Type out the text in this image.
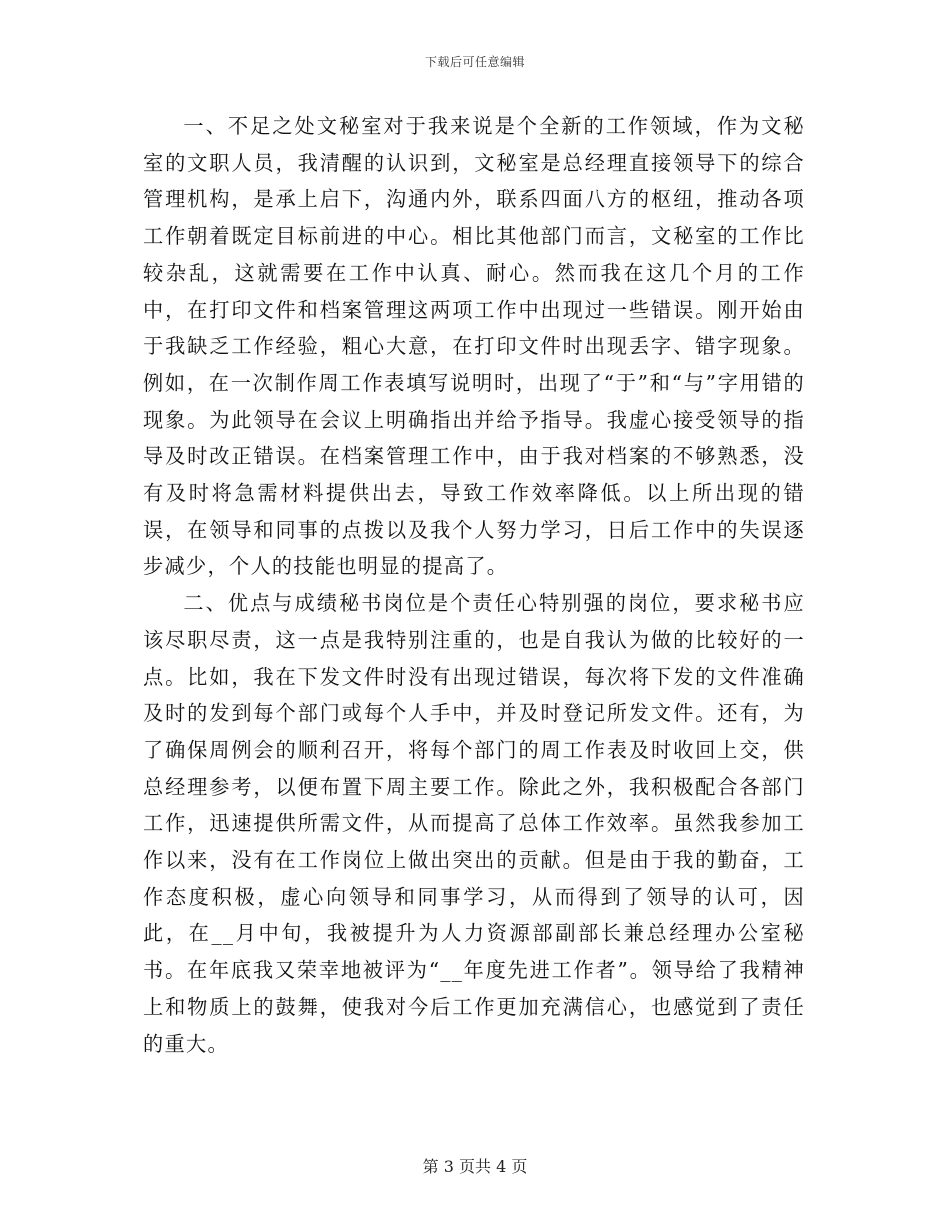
下载后可任意编辑

一、不足之处文秘室对于我来说是个全新的工作领域，作为文秘室的文职人员，我清醒的认识到，文秘室是总经理直接领导下的综合管理机构，是承上启下，沟通内外，联系四面八方的枢纽，推动各项工作朝着既定目标前进的中心。相比其他部门而言，文秘室的工作比较杂乱，这就需要在工作中认真、耐心。然而我在这几个月的工作中，在打印文件和档案管理这两项工作中出现过一些错误。刚开始由于我缺乏工作经验，粗心大意，在打印文件时出现丢字、错字现象。例如，在一次制作周工作表填写说明时，出现了“于”和“与”字用错的现象。为此领导在会议上明确指出并给予指导。我虚心接受领导的指导及时改正错误。在档案管理工作中，由于我对档案的不够熟悉，没有及时将急需材料提供出去，导致工作效率降低。以上所出现的错误，在领导和同事的点拨以及我个人努力学习，日后工作中的失误逐步减少，个人的技能也明显的提高了。

二、优点与成绩秘书岗位是个责任心特别强的岗位，要求秘书应该尽职尽责，这一点是我特别注重的，也是自我认为做的比较好的一点。比如，我在下发文件时没有出现过错误，每次将下发的文件准确及时的发到每个部门或每个人手中，并及时登记所发文件。还有，为了确保周例会的顺利召开，将每个部门的周工作表及时收回上交，供总经理参考，以便布置下周主要工作。除此之外，我积极配合各部门工作，迅速提供所需文件，从而提高了总体工作效率。虽然我参加工作以来，没有在工作岗位上做出突出的贡献。但是由于我的勤奋，工作态度积极，虚心向领导和同事学习，从而得到了领导的认可，因此，在__月中旬，我被提升为人力资源部副部长兼总经理办公室秘书。在年底我又荣幸地被评为“__年度先进工作者”。领导给了我精神上和物质上的鼓舞，使我对今后工作更加充满信心，也感觉到了责任的重大。

第 3 页共 4 页
